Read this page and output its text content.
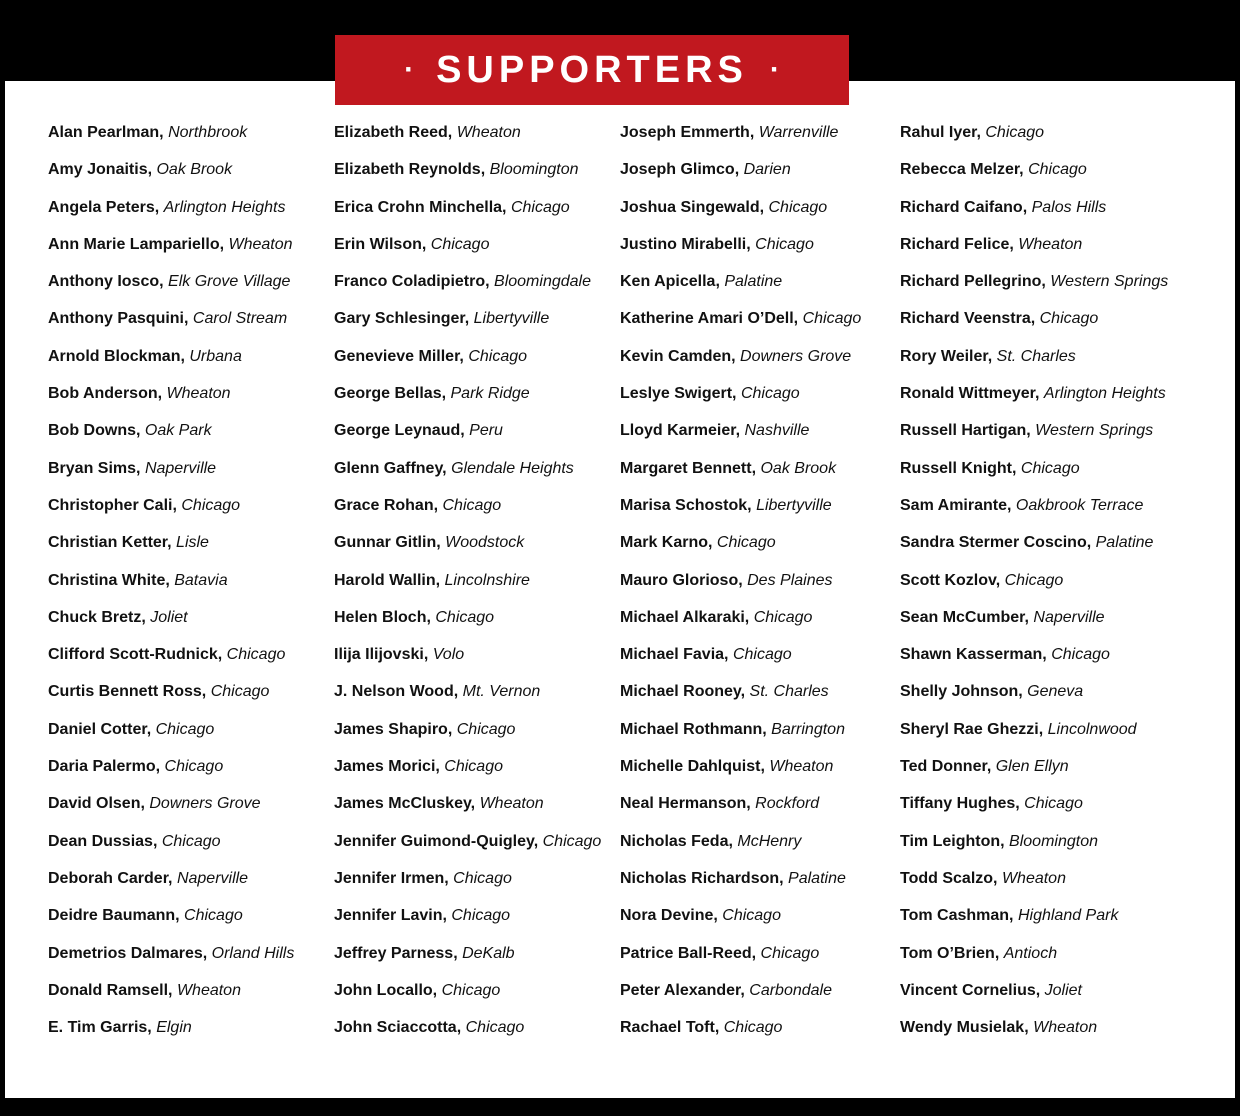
· SUPPORTERS ·
Alan Pearlman, Northbrook
Amy Jonaitis, Oak Brook
Angela Peters, Arlington Heights
Ann Marie Lampariello, Wheaton
Anthony Iosco, Elk Grove Village
Anthony Pasquini, Carol Stream
Arnold Blockman, Urbana
Bob Anderson, Wheaton
Bob Downs, Oak Park
Bryan Sims, Naperville
Christopher Cali, Chicago
Christian Ketter, Lisle
Christina White, Batavia
Chuck Bretz, Joliet
Clifford Scott-Rudnick, Chicago
Curtis Bennett Ross, Chicago
Daniel Cotter, Chicago
Daria Palermo, Chicago
David Olsen, Downers Grove
Dean Dussias, Chicago
Deborah Carder, Naperville
Deidre Baumann, Chicago
Demetrios Dalmares, Orland Hills
Donald Ramsell, Wheaton
E. Tim Garris, Elgin
Elizabeth Reed, Wheaton
Elizabeth Reynolds, Bloomington
Erica Crohn Minchella, Chicago
Erin Wilson, Chicago
Franco Coladipietro, Bloomingdale
Gary Schlesinger, Libertyville
Genevieve Miller, Chicago
George Bellas, Park Ridge
George Leynaud, Peru
Glenn Gaffney, Glendale Heights
Grace Rohan, Chicago
Gunnar Gitlin, Woodstock
Harold Wallin, Lincolnshire
Helen Bloch, Chicago
Ilija Ilijovski, Volo
J. Nelson Wood, Mt. Vernon
James Shapiro, Chicago
James Morici, Chicago
James McCluskey, Wheaton
Jennifer Guimond-Quigley, Chicago
Jennifer Irmen, Chicago
Jennifer Lavin, Chicago
Jeffrey Parness, DeKalb
John Locallo, Chicago
John Sciaccotta, Chicago
Joseph Emmerth, Warrenville
Joseph Glimco, Darien
Joshua Singewald, Chicago
Justino Mirabelli, Chicago
Ken Apicella, Palatine
Katherine Amari O’Dell, Chicago
Kevin Camden, Downers Grove
Leslye Swigert, Chicago
Lloyd Karmeier, Nashville
Margaret Bennett, Oak Brook
Marisa Schostok, Libertyville
Mark Karno, Chicago
Mauro Glorioso, Des Plaines
Michael Alkaraki, Chicago
Michael Favia, Chicago
Michael Rooney, St. Charles
Michael Rothmann, Barrington
Michelle Dahlquist, Wheaton
Neal Hermanson, Rockford
Nicholas Feda, McHenry
Nicholas Richardson, Palatine
Nora Devine, Chicago
Patrice Ball-Reed, Chicago
Peter Alexander, Carbondale
Rachael Toft, Chicago
Rahul Iyer, Chicago
Rebecca Melzer, Chicago
Richard Caifano, Palos Hills
Richard Felice, Wheaton
Richard Pellegrino, Western Springs
Richard Veenstra, Chicago
Rory Weiler, St. Charles
Ronald Wittmeyer, Arlington Heights
Russell Hartigan, Western Springs
Russell Knight, Chicago
Sam Amirante, Oakbrook Terrace
Sandra Stermer Coscino, Palatine
Scott Kozlov, Chicago
Sean McCumber, Naperville
Shawn Kasserman, Chicago
Shelly Johnson, Geneva
Sheryl Rae Ghezzi, Lincolnwood
Ted Donner, Glen Ellyn
Tiffany Hughes, Chicago
Tim Leighton, Bloomington
Todd Scalzo, Wheaton
Tom Cashman, Highland Park
Tom O’Brien, Antioch
Vincent Cornelius, Joliet
Wendy Musielak, Wheaton
